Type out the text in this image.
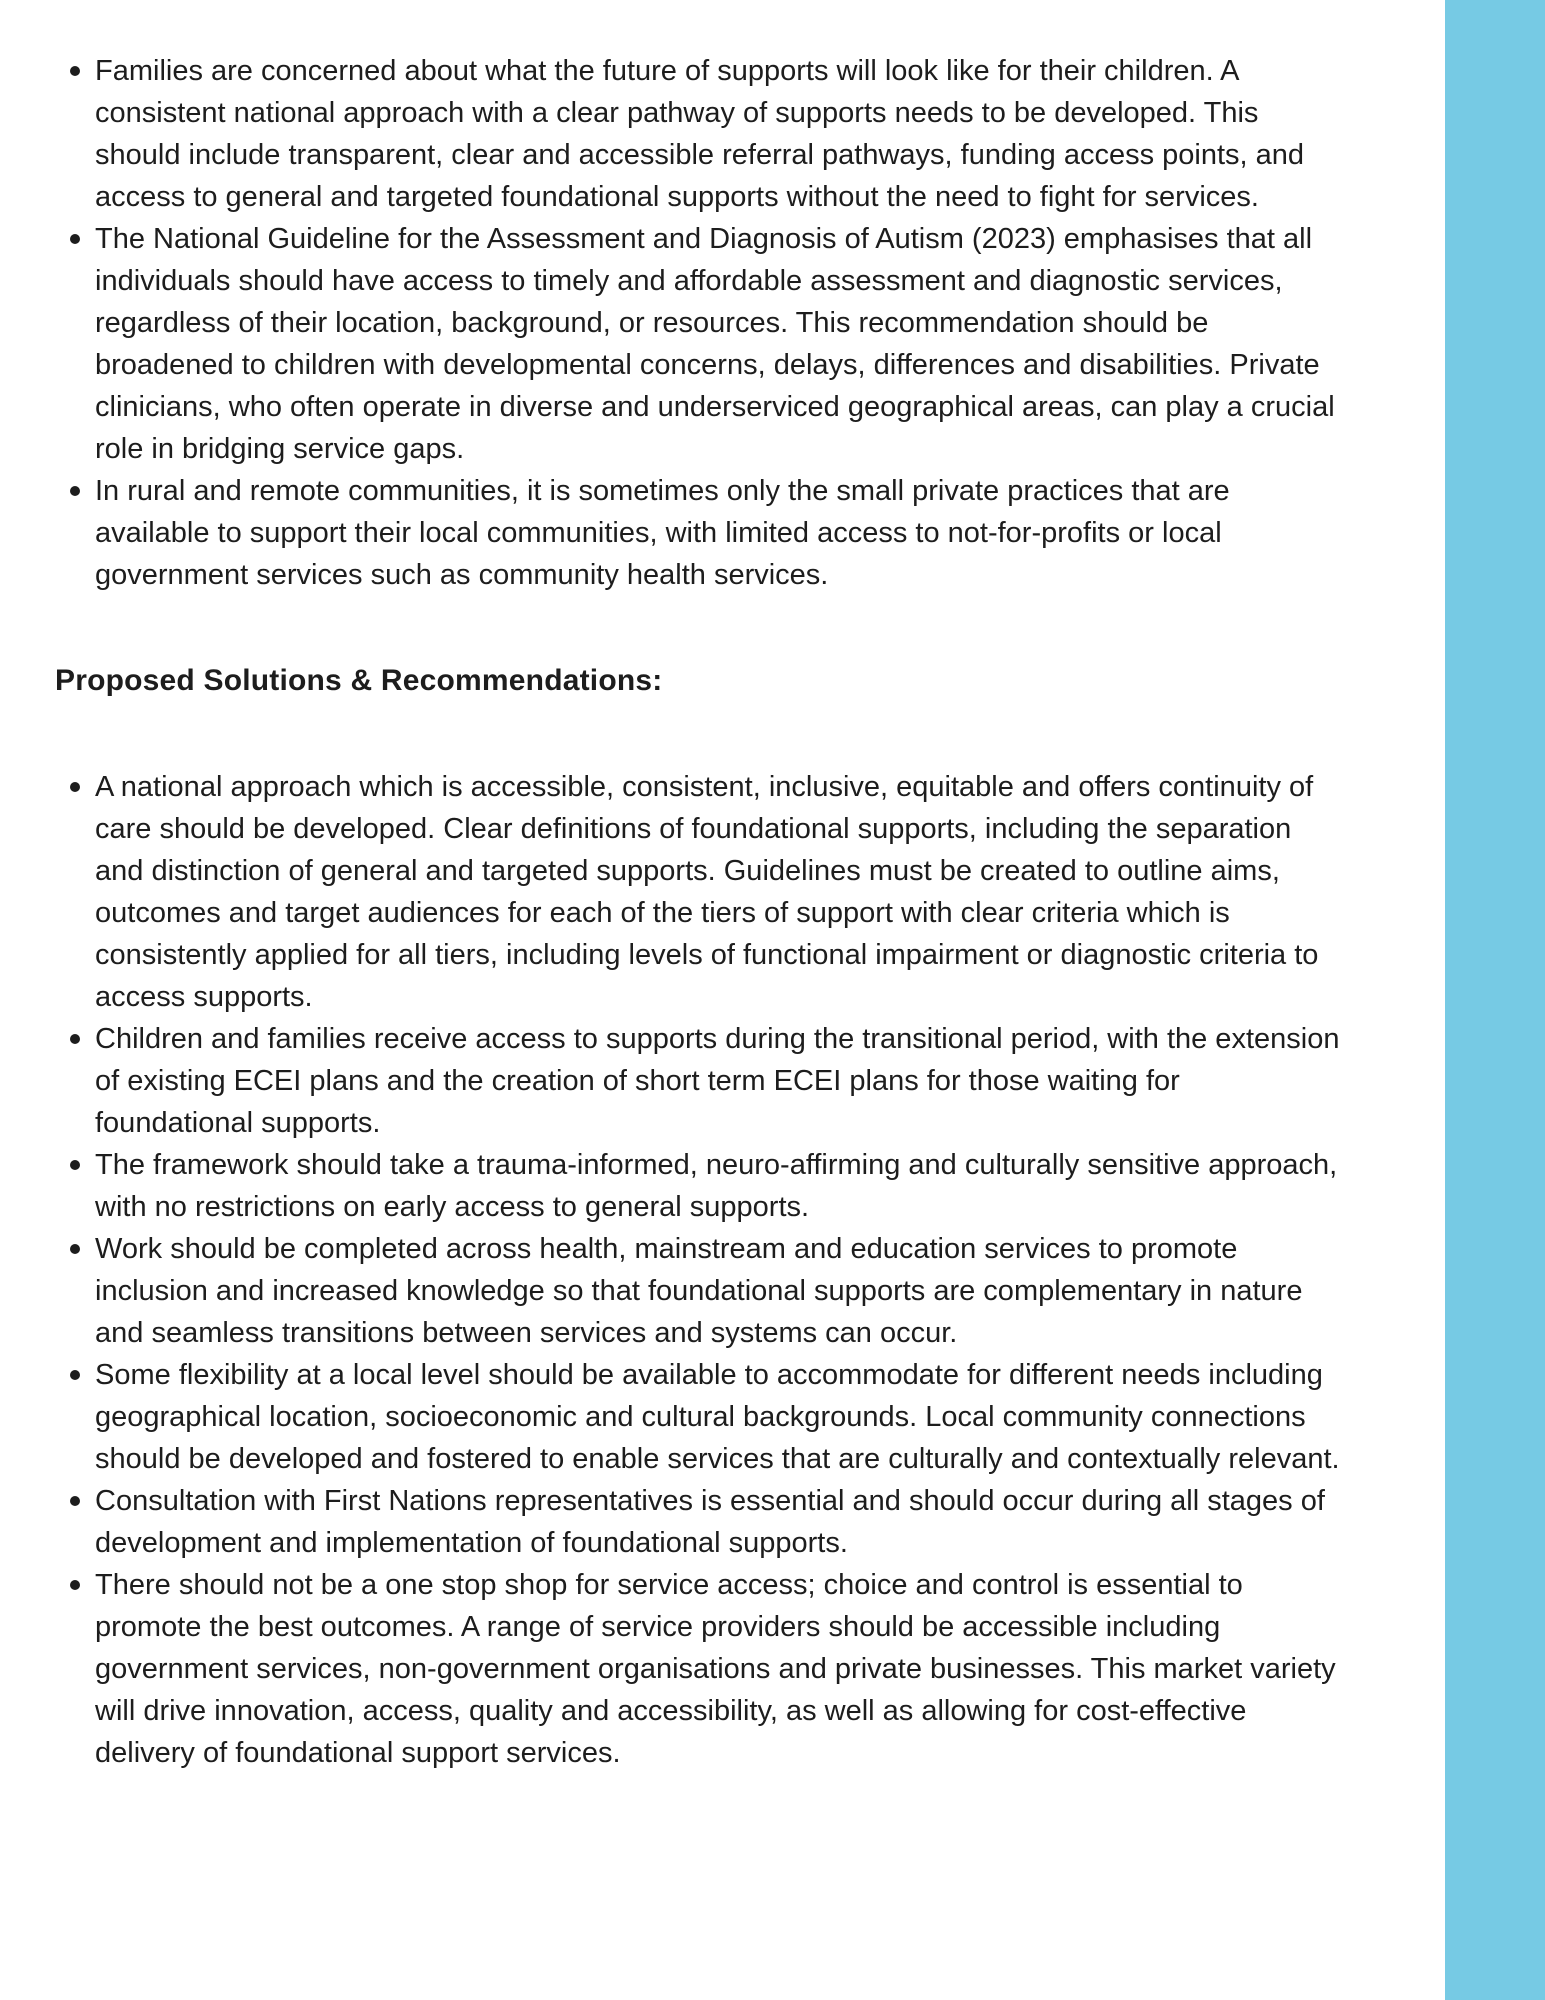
Families are concerned about what the future of supports will look like for their children. A consistent national approach with a clear pathway of supports needs to be developed. This should include transparent, clear and accessible referral pathways, funding access points, and access to general and targeted foundational supports without the need to fight for services.
The National Guideline for the Assessment and Diagnosis of Autism (2023) emphasises that all individuals should have access to timely and affordable assessment and diagnostic services, regardless of their location, background, or resources. This recommendation should be broadened to children with developmental concerns, delays, differences and disabilities. Private clinicians, who often operate in diverse and underserviced geographical areas, can play a crucial role in bridging service gaps.
In rural and remote communities, it is sometimes only the small private practices that are available to support their local communities, with limited access to not-for-profits or local government services such as community health services.
Proposed Solutions & Recommendations:
A national approach which is accessible, consistent, inclusive, equitable and offers continuity of care should be developed. Clear definitions of foundational supports, including the separation and distinction of general and targeted supports. Guidelines must be created to outline aims, outcomes and target audiences for each of the tiers of support with clear criteria which is consistently applied for all tiers, including levels of functional impairment or diagnostic criteria to access supports.
Children and families receive access to supports during the transitional period, with the extension of existing ECEI plans and the creation of short term ECEI plans for those waiting for foundational supports.
The framework should take a trauma-informed, neuro-affirming and culturally sensitive approach, with no restrictions on early access to general supports.
Work should be completed across health, mainstream and education services to promote inclusion and increased knowledge so that foundational supports are complementary in nature and seamless transitions between services and systems can occur.
Some flexibility at a local level should be available to accommodate for different needs including geographical location, socioeconomic and cultural backgrounds. Local community connections should be developed and fostered to enable services that are culturally and contextually relevant.
Consultation with First Nations representatives is essential and should occur during all stages of development and implementation of foundational supports.
There should not be a one stop shop for service access; choice and control is essential to promote the best outcomes. A range of service providers should be accessible including government services, non-government organisations and private businesses. This market variety will drive innovation, access, quality and accessibility, as well as allowing for cost-effective delivery of foundational support services.
